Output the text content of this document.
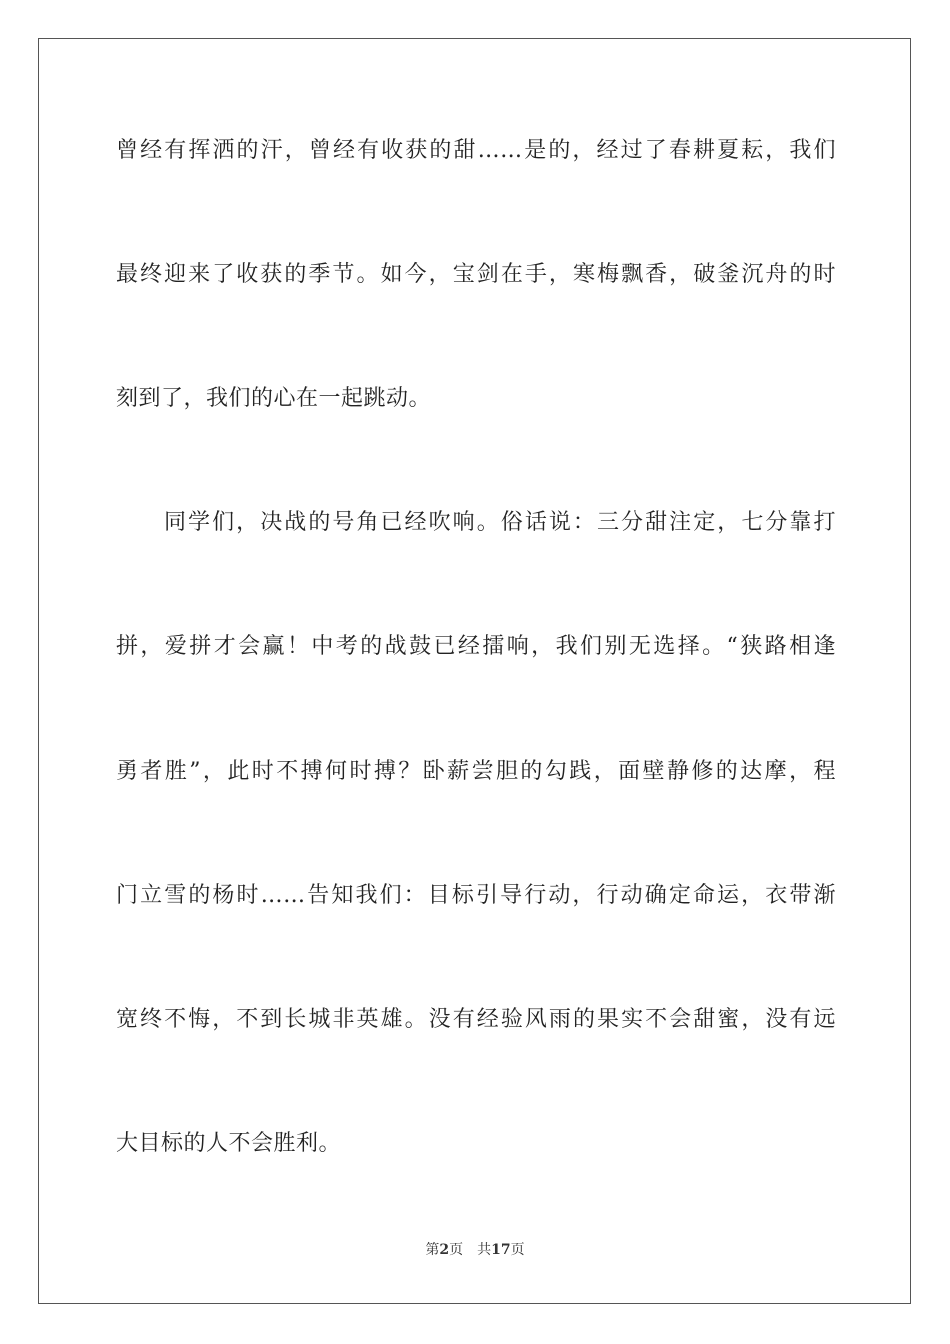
曾经有挥洒的汗，曾经有收获的甜……是的，经过了春耕夏耘，我们
最终迎来了收获的季节。如今，宝剑在手，寒梅飘香，破釜沉舟的时
刻到了，我们的心在一起跳动。
同学们，决战的号角已经吹响。俗话说：三分甜注定，七分靠打
拼，爱拼才会赢！中考的战鼓已经擂响，我们别无选择。“狭路相逢
勇者胜”，此时不搏何时搏？卧薪尝胆的勾践，面壁静修的达摩，程
门立雪的杨时……告知我们：目标引导行动，行动确定命运，衣带渐
宽终不悔，不到长城非英雄。没有经验风雨的果实不会甜蜜，没有远
大目标的人不会胜利。
第2页 共17页
